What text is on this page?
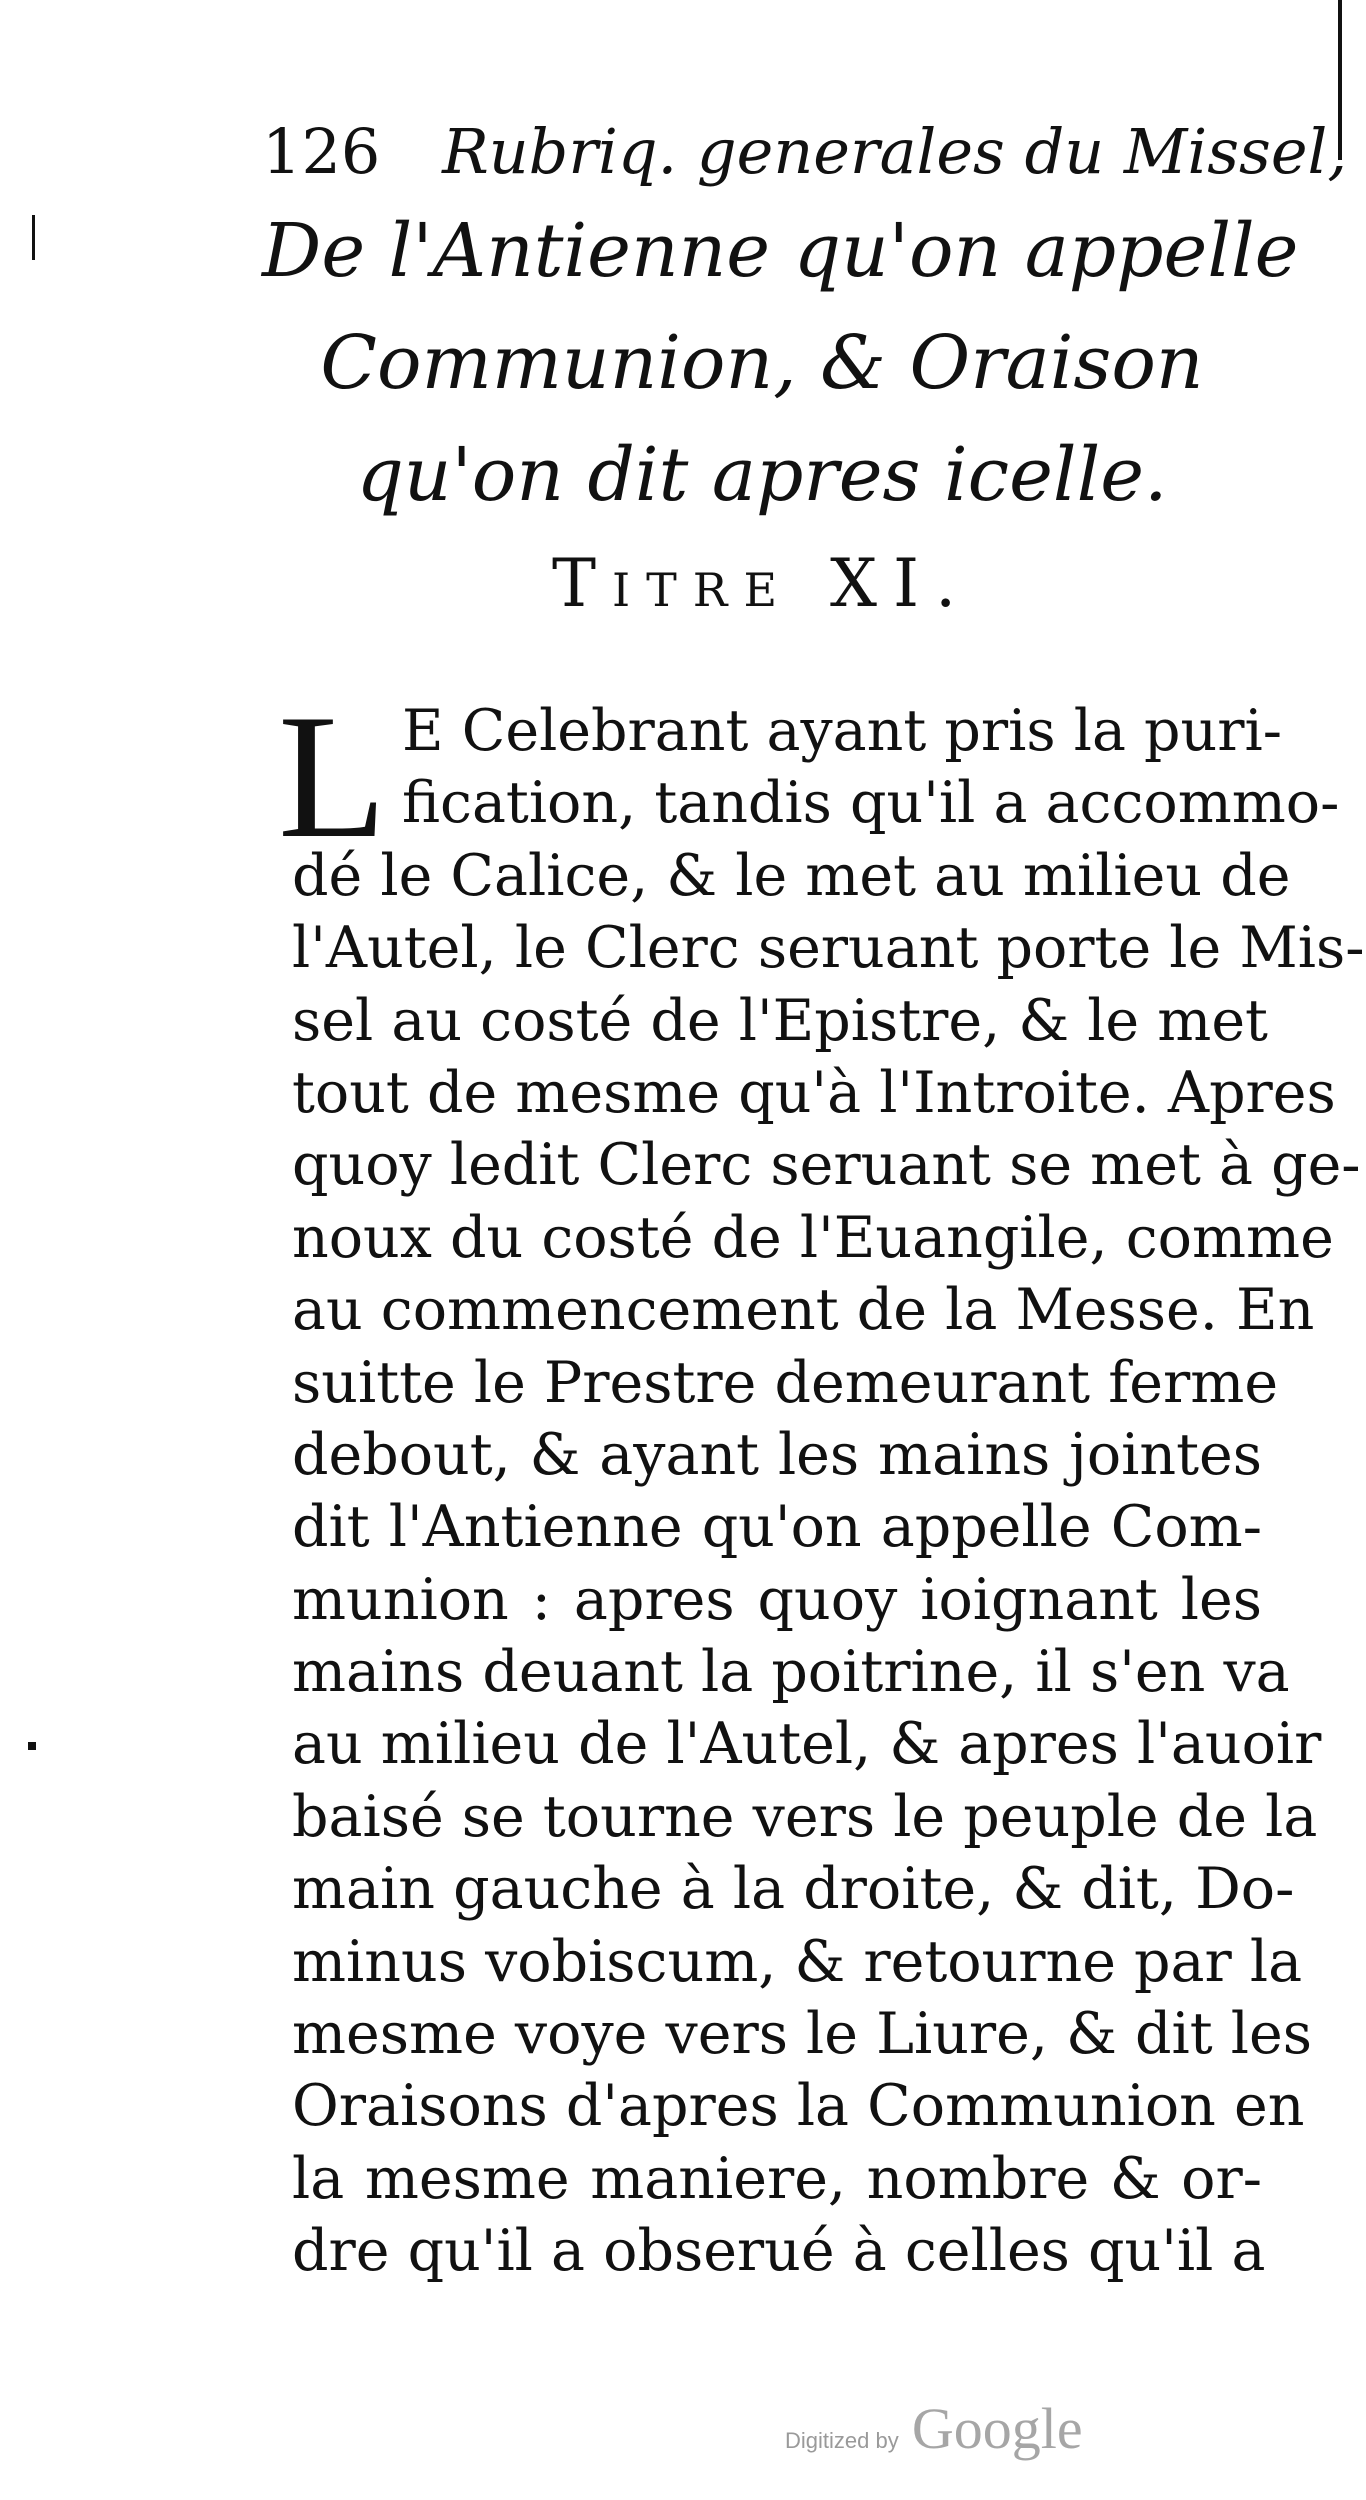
126 Rubriq. generales du Missel,
De l'Antienne qu'on appelle
Communion, & Oraison
qu'on dit apres icelle.
Titre XI.
L E Celebrant ayant pris la puri-
fication, tandis qu'il a accommo-
dé le Calice, & le met au milieu de
l'Autel, le Clerc seruant porte le Mis-
sel au costé de l'Epistre, & le met
tout de mesme qu'à l'Introite. Apres
quoy ledit Clerc seruant se met à ge-
noux du costé de l'Euangile, comme
au commencement de la Messe. En
suitte le Prestre demeurant ferme
debout, & ayant les mains jointes
dit l'Antienne qu'on appelle Com-
munion : apres quoy ioignant les
mains deuant la poitrine, il s'en va
au milieu de l'Autel, & apres l'auoir
baisé se tourne vers le peuple de la
main gauche à la droite, & dit, Do-
minus vobiscum, & retourne par la
mesme voye vers le Liure, & dit les
Oraisons d'apres la Communion en
la mesme maniere, nombre & or-
dre qu'il a obserué à celles qu'il a
Digitized by Google
